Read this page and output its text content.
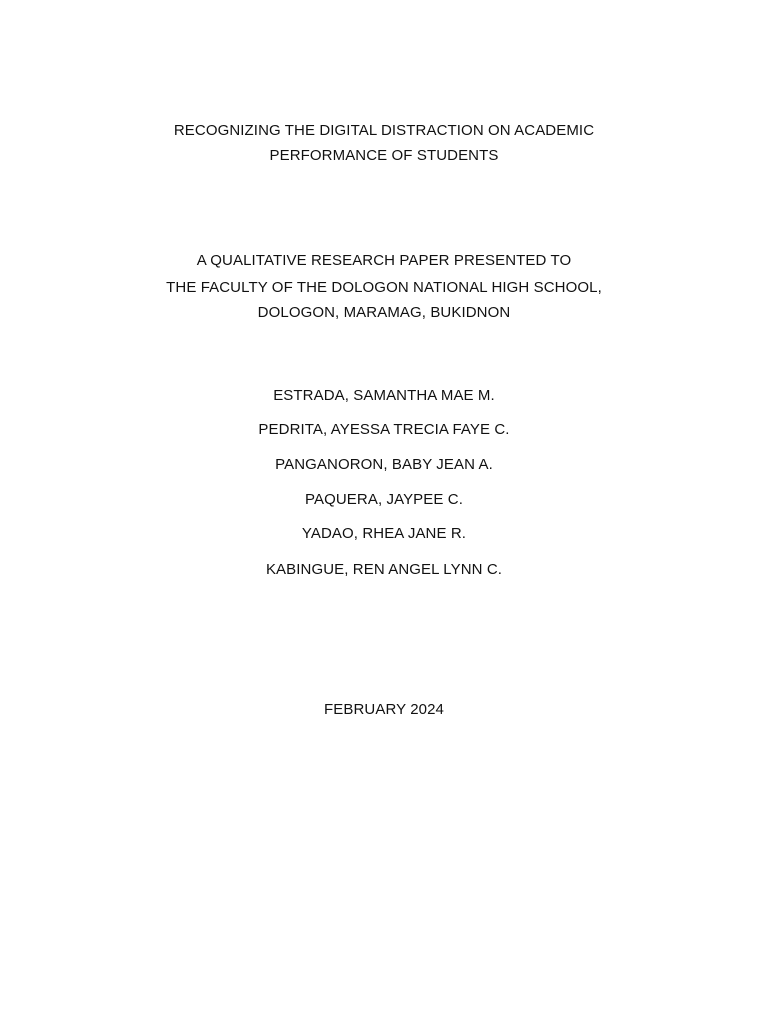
RECOGNIZING THE DIGITAL DISTRACTION ON ACADEMIC
PERFORMANCE OF STUDENTS
A QUALITATIVE RESEARCH PAPER PRESENTED TO
THE FACULTY OF THE DOLOGON NATIONAL HIGH SCHOOL,
DOLOGON, MARAMAG, BUKIDNON
ESTRADA, SAMANTHA MAE M.
PEDRITA, AYESSA TRECIA FAYE C.
PANGANORON, BABY JEAN A.
PAQUERA, JAYPEE C.
YADAO, RHEA JANE R.
KABINGUE, REN ANGEL LYNN C.
FEBRUARY 2024
